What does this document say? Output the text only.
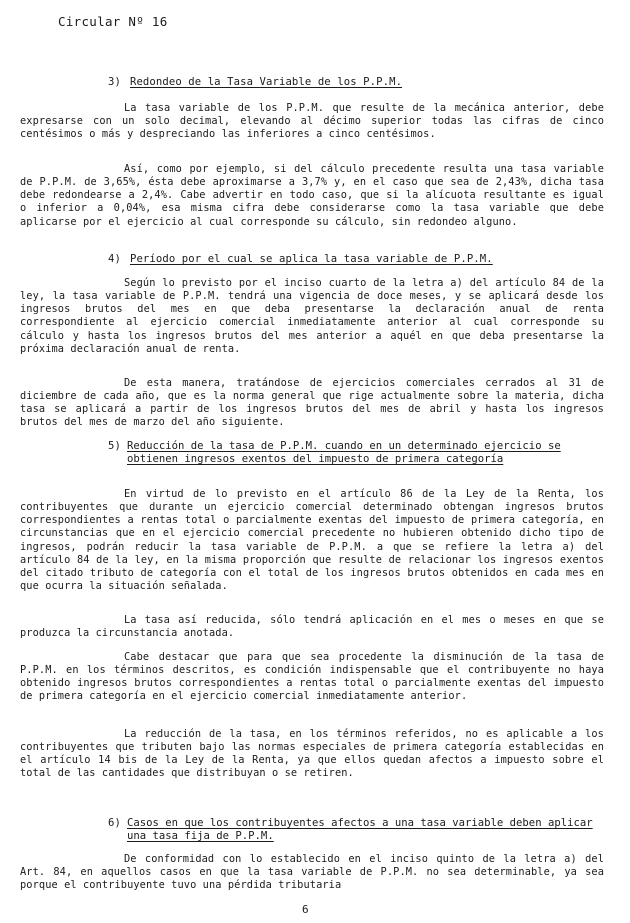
Circular Nº 16
3) Redondeo de la Tasa Variable de los P.P.M.

La tasa variable de los P.P.M. que resulte de la mecánica anterior, debe expresarse con un solo decimal, elevando al décimo superior todas las cifras de cinco centésimos o más y despreciando las inferiores a cinco centésimos.

Así, como por ejemplo, si del cálculo precedente resulta una tasa variable de P.P.M. de 3,65%, ésta debe aproximarse a 3,7% y, en el caso que sea de 2,43%, dicha tasa debe redondearse a 2,4%. Cabe advertir en todo caso, que si la alícuota resultante es igual o inferior a 0,04%, esa misma cifra debe considerarse como la tasa variable que debe aplicarse por el ejercicio al cual corresponde su cálculo, sin redondeo alguno.

4) Período por el cual se aplica la tasa variable de P.P.M.

Según lo previsto por el inciso cuarto de la letra a) del artículo 84 de la ley, la tasa variable de P.P.M. tendrá una vigencia de doce meses, y se aplicará desde los ingresos brutos del mes en que deba presentarse la declaración anual de renta correspondiente al ejercicio comercial inmediatamente anterior al cual corresponde su cálculo y hasta los ingresos brutos del mes anterior a aquél en que deba presentarse la próxima declaración anual de renta.

De esta manera, tratándose de ejercicios comerciales cerrados al 31 de diciembre de cada año, que es la norma general que rige actualmente sobre la materia, dicha tasa se aplicará a partir de los ingresos brutos del mes de abril y hasta los ingresos brutos del mes de marzo del año siguiente.

5) Reducción de la tasa de P.P.M. cuando en un determinado ejercicio se obtienen ingresos exentos del impuesto de primera categoría

En virtud de lo previsto en el artículo 86 de la Ley de la Renta, los contribuyentes que durante un ejercicio comercial determinado obtengan ingresos brutos correspondientes a rentas total o parcialmente exentas del impuesto de primera categoría, en circunstancias que en el ejercicio comercial precedente no hubieren obtenido dicho tipo de ingresos, podrán reducir la tasa variable de P.P.M. a que se refiere la letra a) del artículo 84 de la ley, en la misma proporción que resulte de relacionar los ingresos exentos del citado tributo de categoría con el total de los ingresos brutos obtenidos en cada mes en que ocurra la situación señalada.

La tasa así reducida, sólo tendrá aplicación en el mes o meses en que se produzca la circunstancia anotada.

Cabe destacar que para que sea procedente la disminución de la tasa de P.P.M. en los términos descritos, es condición indispensable que el contribuyente no haya obtenido ingresos brutos correspondientes a rentas total o parcialmente exentas del impuesto de primera categoría en el ejercicio comercial inmediatamente anterior.

La reducción de la tasa, en los términos referidos, no es aplicable a los contribuyentes que tributen bajo las normas especiales de primera categoría establecidas en el artículo 14 bis de la Ley de la Renta, ya que ellos quedan afectos a impuesto sobre el total de las cantidades que distribuyan o se retiren.

6) Casos en que los contribuyentes afectos a una tasa variable deben aplicar una tasa fija de P.P.M.

De conformidad con lo establecido en el inciso quinto de la letra a) del Art. 84, en aquellos casos en que la tasa variable de P.P.M. no sea determinable, ya sea porque el contribuyente tuvo una pérdida tributaria

6
